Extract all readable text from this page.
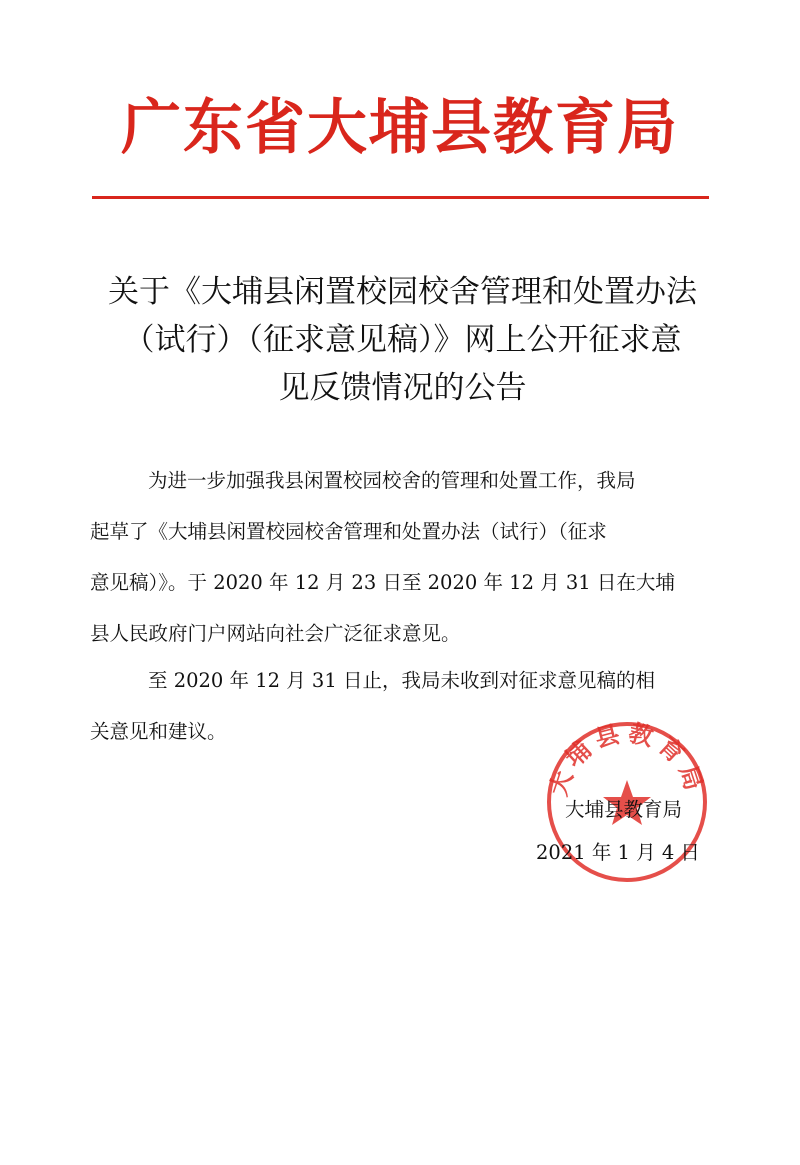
广东省大埔县教育局
关于《大埔县闲置校园校舍管理和处置办法
（试行）（征求意见稿）》网上公开征求意
见反馈情况的公告
为进一步加强我县闲置校园校舍的管理和处置工作，我局
起草了《大埔县闲置校园校舍管理和处置办法（试行）（征求
意见稿）》。于 2020 年 12 月 23 日至 2020 年 12 月 31 日在大埔
县人民政府门户网站向社会广泛征求意见。
至 2020 年 12 月 31 日止，我局未收到对征求意见稿的相
关意见和建议。
大埔县教育局
大埔县教育局
2021 年 1 月 4 日
